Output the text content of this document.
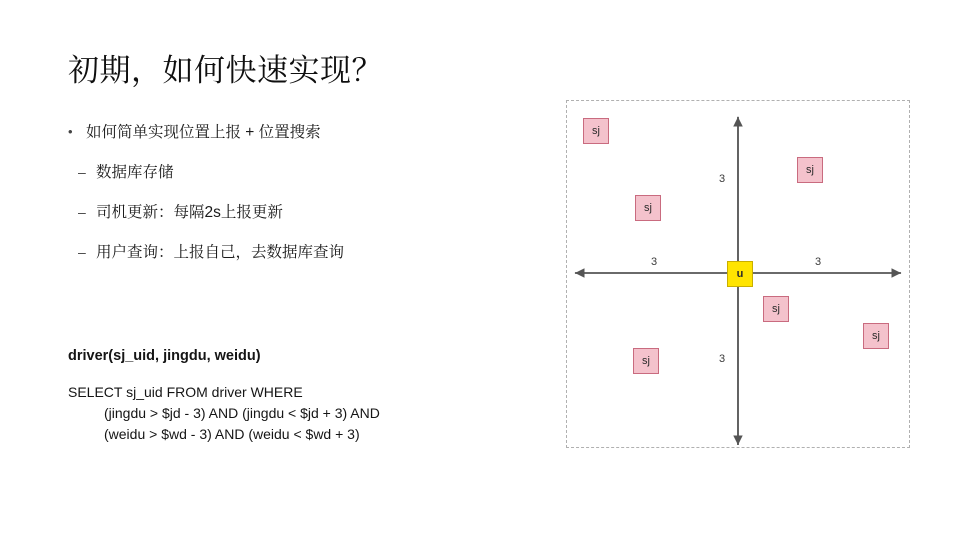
初期，如何快速实现？
• 如何简单实现位置上报 + 位置搜索
– 数据库存储
– 司机更新：每隔2s上报更新
– 用户查询：上报自己，去数据库查询
driver(sj_uid, jingdu, weidu)
SELECT sj_uid FROM driver WHERE

(jingdu > $jd - 3) AND (jingdu < $jd + 3) AND
(weidu > $wd - 3) AND (weidu < $wd + 3)
3
3
3	3
sj
sj
sj
sj
sj
sj
u
